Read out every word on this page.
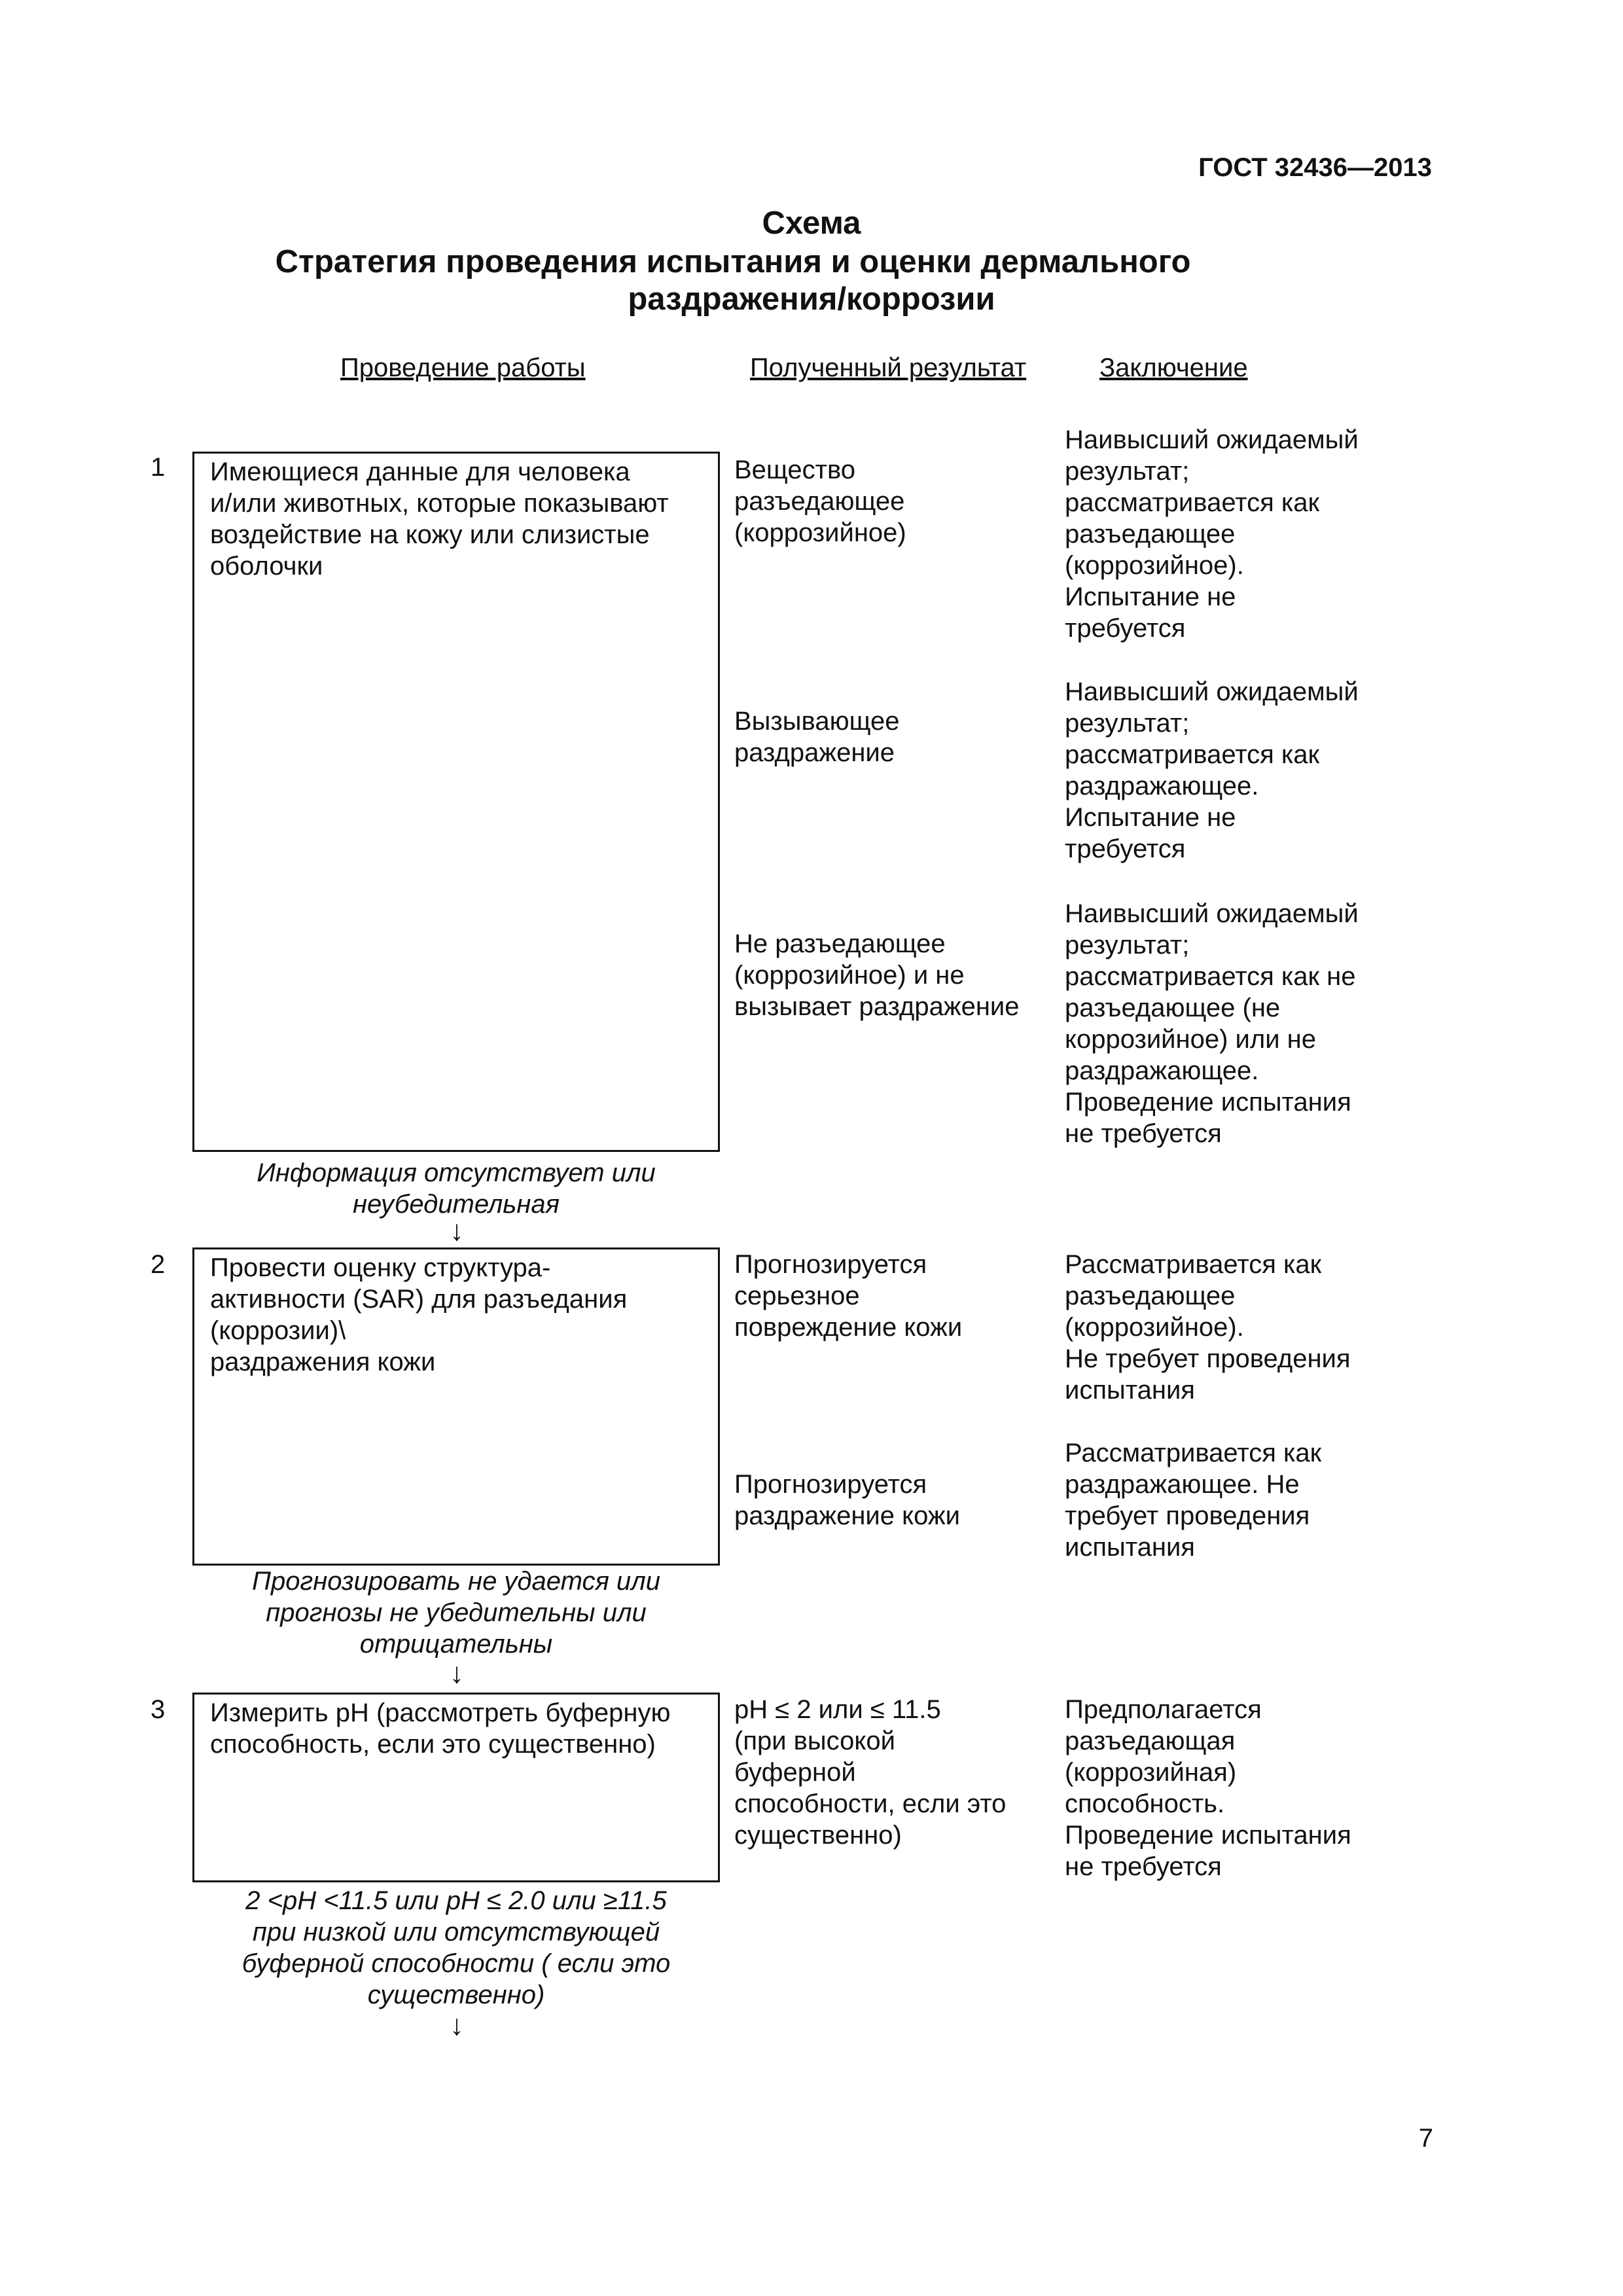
ГОСТ 32436—2013
Схема
Стратегия проведения испытания и оценки дермального
раздражения/коррозии
Проведение работы	Полученный результат	Заключение
1 Имеющиеся данные для человека
и/или животных, которые показывают
воздействие на кожу или слизистые
оболочки
Вещество
разъедающее
(коррозийное)
Наивысший ожидаемый
результат;
рассматривается как
разъедающее
(коррозийное).
Испытание не
требуется
Вызывающее
раздражение
Наивысший ожидаемый
результат;
рассматривается как
раздражающее.
Испытание не
требуется
Не разъедающее
(коррозийное) и не
вызывает раздражение
Наивысший ожидаемый
результат;
рассматривается как не
разъедающее (не
коррозийное) или не
раздражающее.
Проведение испытания
не требуется
Информация отсутствует или
неубедительная
↓
2 Провести оценку структура-
активности (SAR) для разъедания
(коррозии)\
раздражения кожи
Прогнозируется
серьезное
повреждение кожи
Рассматривается как
разъедающее
(коррозийное).
Не требует проведения
испытания
Прогнозируется
раздражение кожи
Рассматривается как
раздражающее. Не
требует проведения
испытания
Прогнозировать не удается или
прогнозы не убедительны или
отрицательны
↓
3 Измерить pH (рассмотреть буферную
способность, если это существенно)
pH ≤ 2 или ≤ 11.5
(при высокой
буферной
способности, если это
существенно)
Предполагается
разъедающая
(коррозийная)
способность.
Проведение испытания
не требуется
2 <pH <11.5 или pH ≤ 2.0 или ≥11.5
при низкой или отсутствующей
буферной способности ( если это
существенно)
↓
7
